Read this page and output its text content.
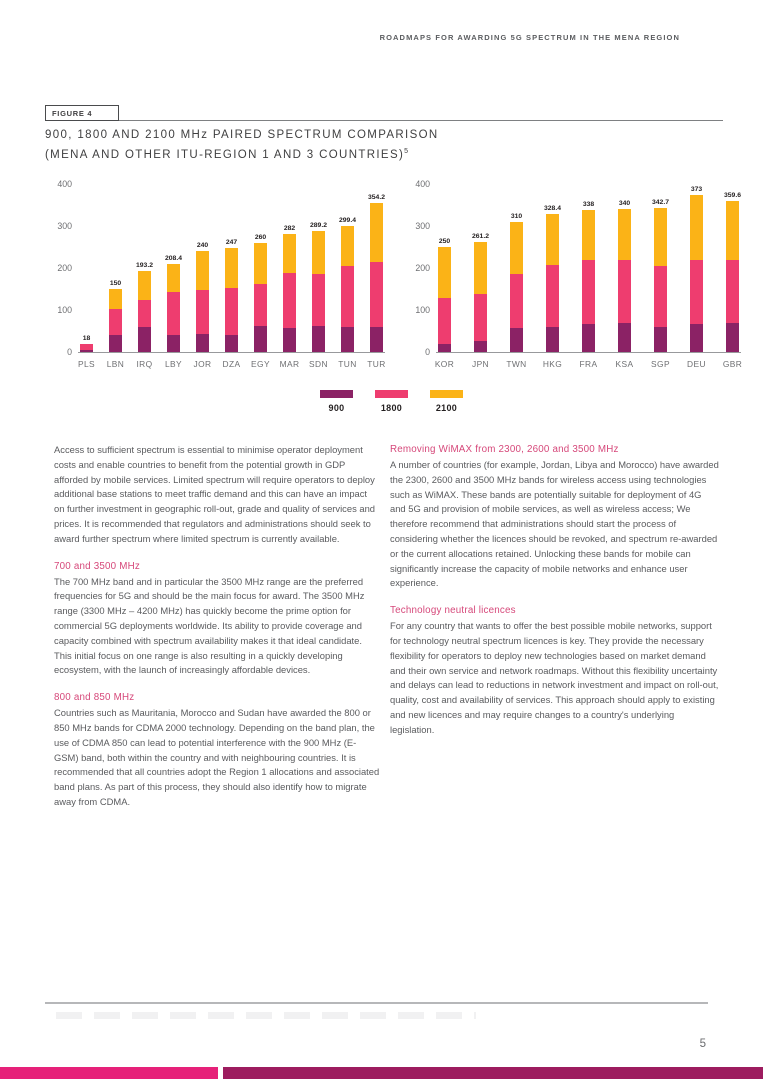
ROADMAPS FOR AWARDING 5G SPECTRUM IN THE MENA REGION
FIGURE 4
900, 1800 AND 2100 MHz PAIRED SPECTRUM COMPARISON
(MENA AND OTHER ITU-REGION 1 AND 3 COUNTRIES)$^5$
0
100
200
300
400
18
PLS
150
LBN
193.2
IRQ
208.4
LBY
240
JOR
247
DZA
260
EGY
282
MAR
289.2
SDN
299.4
TUN
354.2
TUR
0
100
200
300
400
250
KOR
261.2
JPN
310
TWN
328.4
HKG
338
FRA
340
KSA
342.7
SGP
373
DEU
359.6
GBR
900	1800	2100

Access to sufficient spectrum is essential to minimise operator deployment costs and enable countries to benefit from the potential growth in GDP afforded by mobile services. Limited spectrum will require operators to deploy additional base stations to meet traffic demand and this can have an impact on further investment in geographic roll-out, grade and quality of services and prices. It is recommended that regulators and administrations should seek to award further spectrum where limited spectrum is currently available.

700 and 3500 MHz

The 700 MHz band and in particular the 3500 MHz range are the preferred frequencies for 5G and should be the main focus for award. The 3500 MHz range (3300 MHz – 4200 MHz) has quickly become the prime option for commercial 5G deployments worldwide. Its ability to provide coverage and capacity combined with spectrum availability makes it that ideal candidate. This initial focus on one range is also resulting in a quickly developing ecosystem, with the launch of increasingly affordable devices.

800 and 850 MHz

Countries such as Mauritania, Morocco and Sudan have awarded the 800 or 850 MHz bands for CDMA 2000 technology. Depending on the band plan, the use of CDMA 850 can lead to potential interference with the 900 MHz (E-GSM) band, both within the country and with neighbouring countries. It is recommended that all countries adopt the Region 1 allocations and associated band plans. As part of this process, they should also identify how to migrate away from CDMA.

Removing WiMAX from 2300, 2600 and 3500 MHz

A number of countries (for example, Jordan, Libya and Morocco) have awarded the 2300, 2600 and 3500 MHz bands for wireless access using technologies such as WiMAX. These bands are potentially suitable for deployment of 4G and 5G and provision of mobile services, as well as wireless access; We therefore recommend that administrations should start the process of considering whether the licences should be revoked, and spectrum re-awarded or the current allocations retained. Unlocking these bands for mobile can significantly increase the capacity of mobile networks and enhance user experience.

Technology neutral licences

For any country that wants to offer the best possible mobile networks, support for technology neutral spectrum licences is key. They provide the necessary flexibility for operators to deploy new technologies based on market demand and their own service and network roadmaps. Without this flexibility uncertainty and delays can lead to reductions in network investment and impact on roll-out, quality, cost and availability of services. This approach should apply to existing and new licences and may require changes to a country's underlying legislation.

5
